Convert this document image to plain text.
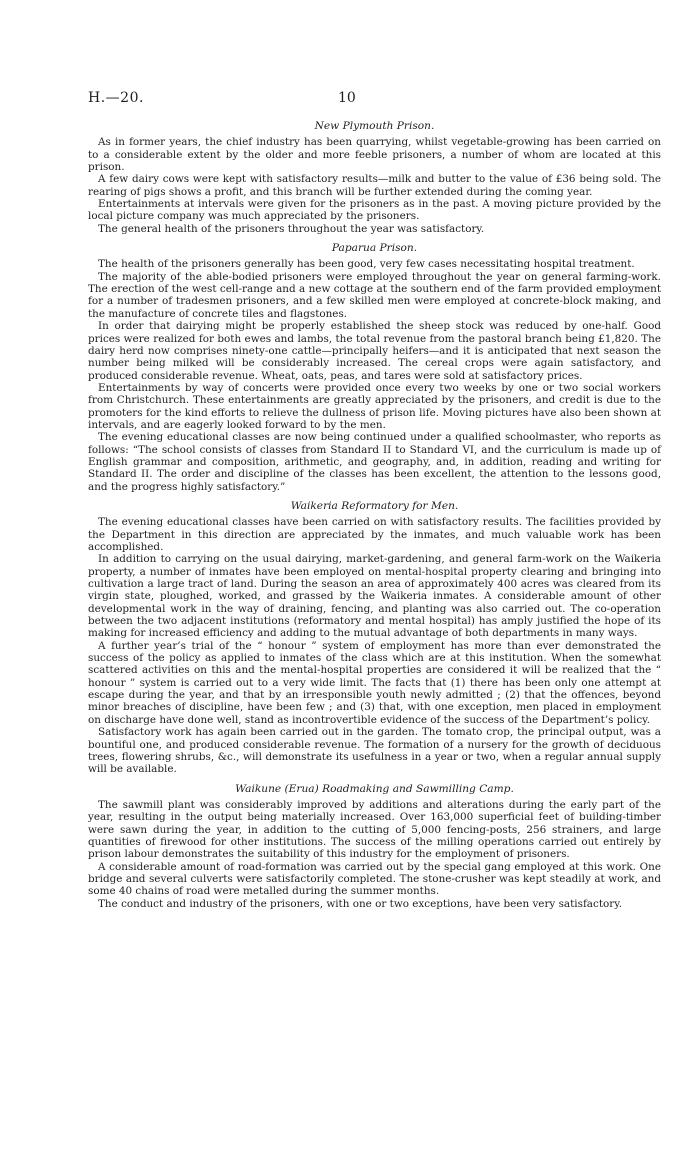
H.—20.	10
New Plymouth Prison.

As in former years, the chief industry has been quarrying, whilst vegetable-growing has been carried on to a considerable extent by the older and more feeble prisoners, a number of whom are located at this prison.

A few dairy cows were kept with satisfactory results—milk and butter to the value of £36 being sold. The rearing of pigs shows a profit, and this branch will be further extended during the coming year.

Entertainments at intervals were given for the prisoners as in the past. A moving picture provided by the local picture company was much appreciated by the prisoners.

The general health of the prisoners throughout the year was satisfactory.

Paparua Prison.

The health of the prisoners generally has been good, very few cases necessitating hospital treatment.

The majority of the able-bodied prisoners were employed throughout the year on general farming-work. The erection of the west cell-range and a new cottage at the southern end of the farm provided employment for a number of tradesmen prisoners, and a few skilled men were employed at concrete-block making, and the manufacture of concrete tiles and flagstones.

In order that dairying might be properly established the sheep stock was reduced by one-half. Good prices were realized for both ewes and lambs, the total revenue from the pastoral branch being £1,820. The dairy herd now comprises ninety-one cattle—principally heifers—and it is anticipated that next season the number being milked will be considerably increased. The cereal crops were again satisfactory, and produced considerable revenue. Wheat, oats, peas, and tares were sold at satisfactory prices.

Entertainments by way of concerts were provided once every two weeks by one or two social workers from Christchurch. These entertainments are greatly appreciated by the prisoners, and credit is due to the promoters for the kind efforts to relieve the dullness of prison life. Moving pictures have also been shown at intervals, and are eagerly looked forward to by the men.

The evening educational classes are now being continued under a qualified schoolmaster, who reports as follows: “The school consists of classes from Standard II to Standard VI, and the curriculum is made up of English grammar and composition, arithmetic, and geography, and, in addition, reading and writing for Standard II. The order and discipline of the classes has been excellent, the attention to the lessons good, and the progress highly satisfactory.”

Waikeria Reformatory for Men.

The evening educational classes have been carried on with satisfactory results. The facilities provided by the Department in this direction are appreciated by the inmates, and much valuable work has been accomplished.

In addition to carrying on the usual dairying, market-gardening, and general farm-work on the Waikeria property, a number of inmates have been employed on mental-hospital property clearing and bringing into cultivation a large tract of land. During the season an area of approximately 400 acres was cleared from its virgin state, ploughed, worked, and grassed by the Waikeria inmates. A considerable amount of other developmental work in the way of draining, fencing, and planting was also carried out. The co-operation between the two adjacent institutions (reformatory and mental hospital) has amply justified the hope of its making for increased efficiency and adding to the mutual advantage of both departments in many ways.

A further year’s trial of the “ honour ” system of employment has more than ever demonstrated the success of the policy as applied to inmates of the class which are at this institution. When the somewhat scattered activities on this and the mental-hospital properties are considered it will be realized that the “ honour ” system is carried out to a very wide limit. The facts that (1) there has been only one attempt at escape during the year, and that by an irresponsible youth newly admitted ; (2) that the offences, beyond minor breaches of discipline, have been few ; and (3) that, with one exception, men placed in employment on discharge have done well, stand as incontrovertible evidence of the success of the Department’s policy.

Satisfactory work has again been carried out in the garden. The tomato crop, the principal output, was a bountiful one, and produced considerable revenue. The formation of a nursery for the growth of deciduous trees, flowering shrubs, &c., will demonstrate its usefulness in a year or two, when a regular annual supply will be available.

Waikune (Erua) Roadmaking and Sawmilling Camp.

The sawmill plant was considerably improved by additions and alterations during the early part of the year, resulting in the output being materially increased. Over 163,000 superficial feet of building-timber were sawn during the year, in addition to the cutting of 5,000 fencing-posts, 256 strainers, and large quantities of firewood for other institutions. The success of the milling operations carried out entirely by prison labour demonstrates the suitability of this industry for the employment of prisoners.

A considerable amount of road-formation was carried out by the special gang employed at this work. One bridge and several culverts were satisfactorily completed. The stone-crusher was kept steadily at work, and some 40 chains of road were metalled during the summer months.

The conduct and industry of the prisoners, with one or two exceptions, have been very satisfactory.
